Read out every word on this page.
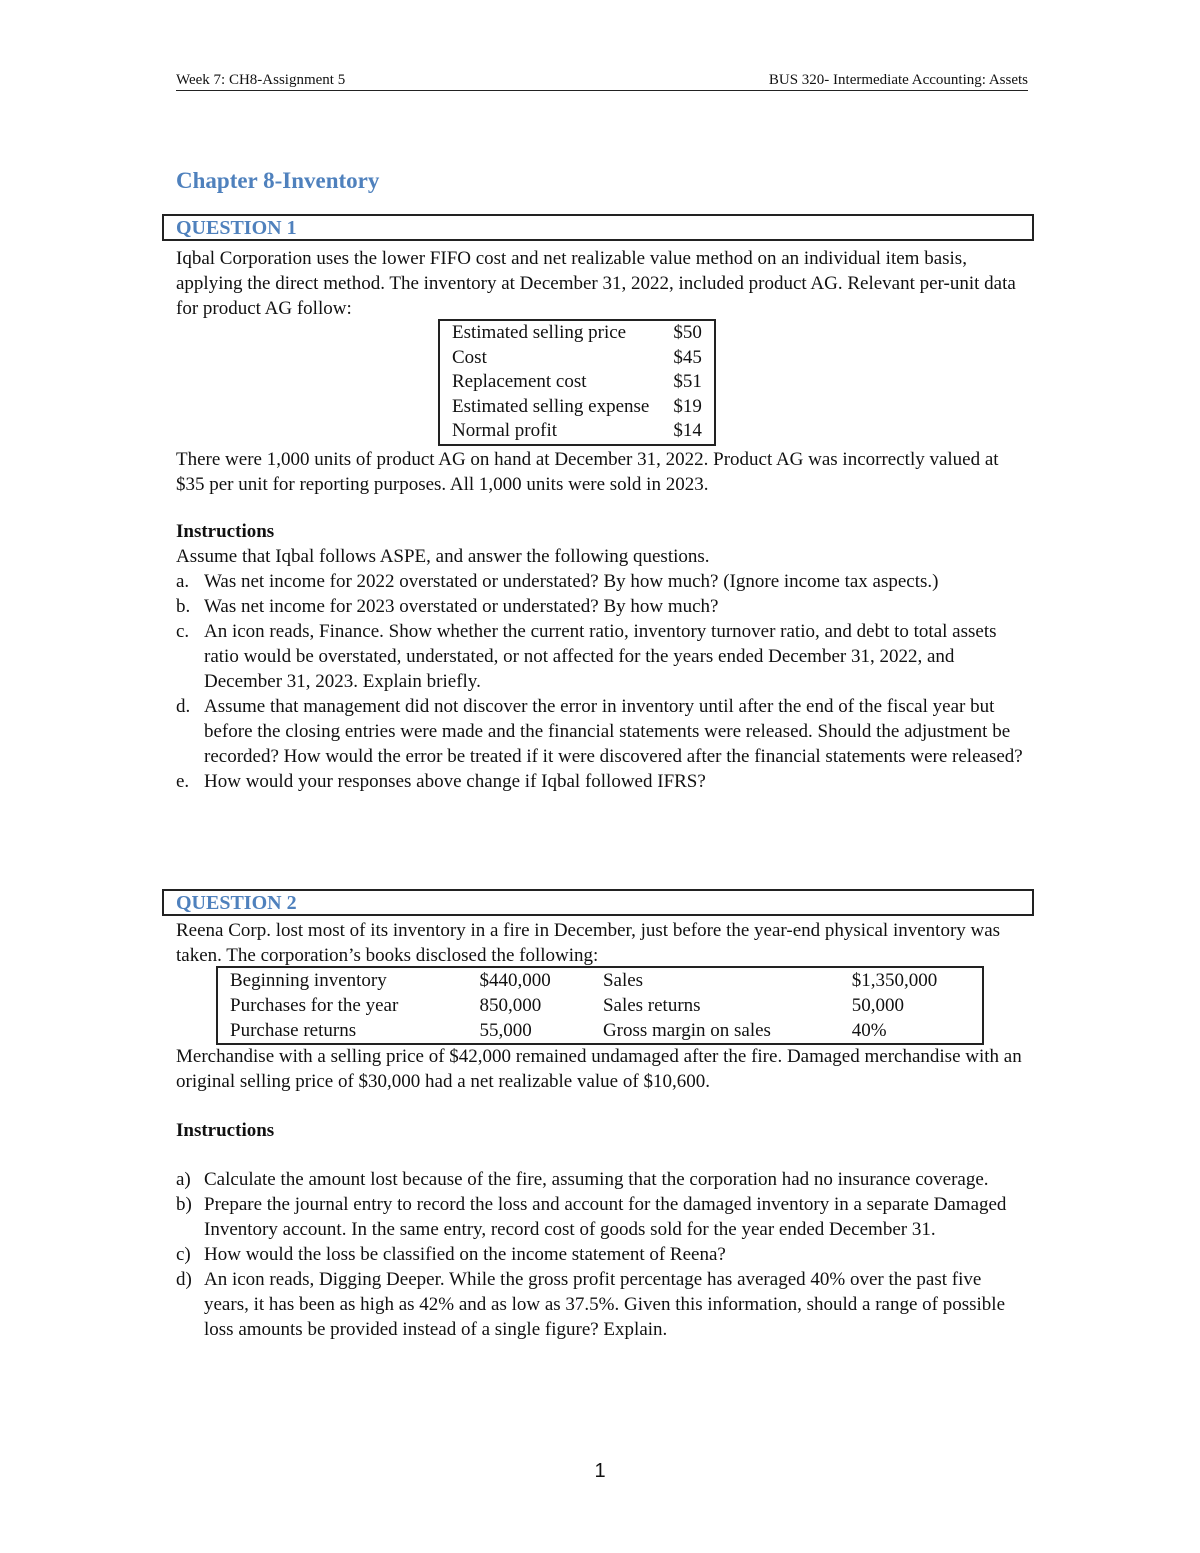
Week 7: CH8-Assignment 5	BUS 320- Intermediate Accounting: Assets
Chapter 8-Inventory
QUESTION 1

Iqbal Corporation uses the lower FIFO cost and net realizable value method on an individual item basis, applying the direct method. The inventory at December 31, 2022, included product AG. Relevant per-unit data for product AG follow:

Estimated selling price	$50
Cost	$45
Replacement cost	$51
Estimated selling expense	$19
Normal profit	$14

There were 1,000 units of product AG on hand at December 31, 2022. Product AG was incorrectly valued at $35 per unit for reporting purposes. All 1,000 units were sold in 2023.

Instructions

Assume that Iqbal follows ASPE, and answer the following questions.

a. Was net income for 2022 overstated or understated? By how much? (Ignore income tax aspects.)
b. Was net income for 2023 overstated or understated? By how much?
c. An icon reads, Finance. Show whether the current ratio, inventory turnover ratio, and debt to total assets ratio would be overstated, understated, or not affected for the years ended December 31, 2022, and December 31, 2023. Explain briefly.
d. Assume that management did not discover the error in inventory until after the end of the fiscal year but before the closing entries were made and the financial statements were released. Should the adjustment be recorded? How would the error be treated if it were discovered after the financial statements were released?
e. How would your responses above change if Iqbal followed IFRS?
QUESTION 2

Reena Corp. lost most of its inventory in a fire in December, just before the year-end physical inventory was taken. The corporation’s books disclosed the following:

Beginning inventory	$440,000	Sales	$1,350,000
Purchases for the year	850,000	Sales returns	50,000
Purchase returns	55,000	Gross margin on sales	40%

Merchandise with a selling price of $42,000 remained undamaged after the fire. Damaged merchandise with an original selling price of $30,000 had a net realizable value of $10,600.

Instructions

a) Calculate the amount lost because of the fire, assuming that the corporation had no insurance coverage.
b) Prepare the journal entry to record the loss and account for the damaged inventory in a separate Damaged Inventory account. In the same entry, record cost of goods sold for the year ended December 31.
c) How would the loss be classified on the income statement of Reena?
d) An icon reads, Digging Deeper. While the gross profit percentage has averaged 40% over the past five years, it has been as high as 42% and as low as 37.5%. Given this information, should a range of possible loss amounts be provided instead of a single figure? Explain.
1
